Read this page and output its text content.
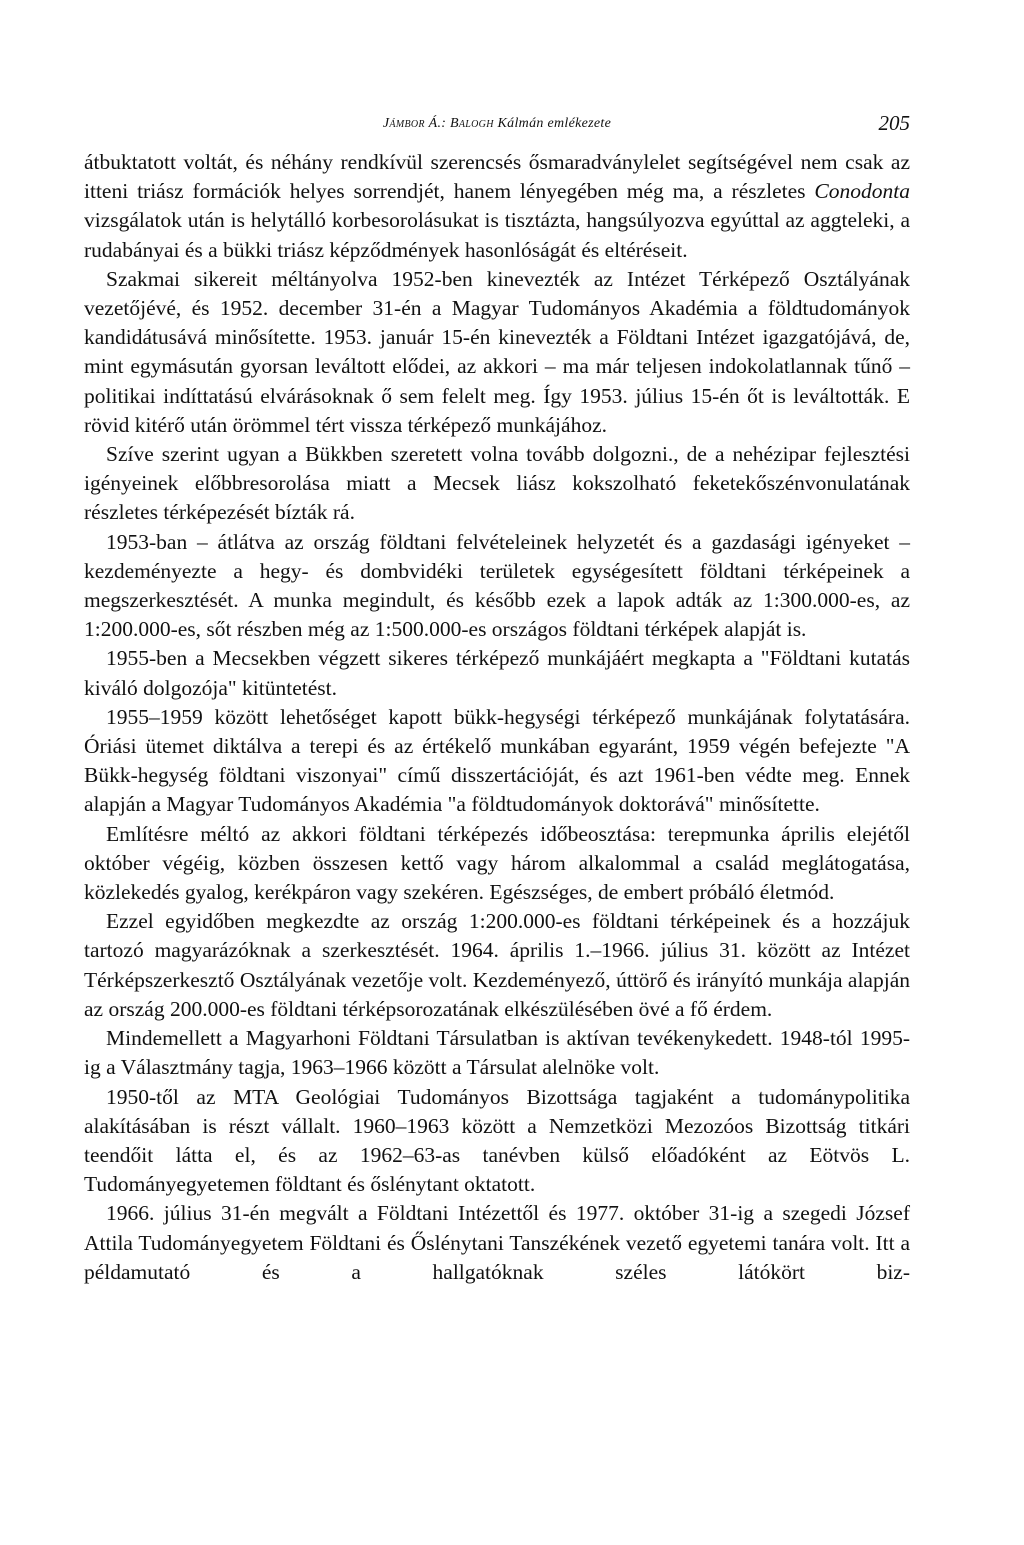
Jámbor Á.: Balogh Kálmán emlékezete	205

átbuktatott voltát, és néhány rendkívül szerencsés ősmaradványlelet segítségével nem csak az itteni triász formációk helyes sorrendjét, hanem lényegében még ma, a részletes Conodonta vizsgálatok után is helytálló korbesorolásukat is tisztázta, hangsúlyozva egyúttal az aggteleki, a rudabányai és a bükki triász képződmények hasonlóságát és eltéréseit.

Szakmai sikereit méltányolva 1952-ben kinevezték az Intézet Térképező Osztályának vezetőjévé, és 1952. december 31-én a Magyar Tudományos Akadémia a földtudományok kandidátusává minősítette. 1953. január 15-én kinevezték a Földtani Intézet igazgatójává, de, mint egymásután gyorsan leváltott elődei, az akkori – ma már teljesen indokolatlannak tűnő – politikai indíttatású elvárásoknak ő sem felelt meg. Így 1953. július 15-én őt is leváltották. E rövid kitérő után örömmel tért vissza térképező munkájához.

Szíve szerint ugyan a Bükkben szeretett volna tovább dolgozni., de a nehézipar fejlesztési igényeinek előbbresorolása miatt a Mecsek liász kokszolható feketekőszénvonulatának részletes térképezését bízták rá.

1953-ban – átlátva az ország földtani felvételeinek helyzetét és a gazdasági igényeket – kezdeményezte a hegy- és dombvidéki területek egységesített földtani térképeinek a megszerkesztését. A munka megindult, és később ezek a lapok adták az 1:300.000-es, az 1:200.000-es, sőt részben még az 1:500.000-es országos földtani térképek alapját is.

1955-ben a Mecsekben végzett sikeres térképező munkájáért megkapta a "Földtani kutatás kiváló dolgozója" kitüntetést.

1955–1959 között lehetőséget kapott bükk-hegységi térképező munkájának folytatására. Óriási ütemet diktálva a terepi és az értékelő munkában egyaránt, 1959 végén befejezte "A Bükk-hegység földtani viszonyai" című disszertációját, és azt 1961-ben védte meg. Ennek alapján a Magyar Tudományos Akadémia "a földtudományok doktorává" minősítette.

Említésre méltó az akkori földtani térképezés időbeosztása: terepmunka április elejétől október végéig, közben összesen kettő vagy három alkalommal a család meglátogatása, közlekedés gyalog, kerékpáron vagy szekéren. Egészséges, de embert próbáló életmód.

Ezzel egyidőben megkezdte az ország 1:200.000-es földtani térképeinek és a hozzájuk tartozó magyarázóknak a szerkesztését. 1964. április 1.–1966. július 31. között az Intézet Térképszerkesztő Osztályának vezetője volt. Kezdeményező, úttörő és irányító munkája alapján az ország 200.000-es földtani térképsorozatának elkészülésében övé a fő érdem.

Mindemellett a Magyarhoni Földtani Társulatban is aktívan tevékenykedett. 1948-tól 1995-ig a Választmány tagja, 1963–1966 között a Társulat alelnöke volt.

1950-től az MTA Geológiai Tudományos Bizottsága tagjaként a tudománypolitika alakításában is részt vállalt. 1960–1963 között a Nemzetközi Mezozóos Bizottság titkári teendőit látta el, és az 1962–63-as tanévben külső előadóként az Eötvös L. Tudományegyetemen földtant és őslénytant oktatott.

1966. július 31-én megvált a Földtani Intézettől és 1977. október 31-ig a szegedi József Attila Tudományegyetem Földtani és Őslénytani Tanszékének vezető egyetemi tanára volt. Itt a példamutató és a hallgatóknak széles látókört biz-
